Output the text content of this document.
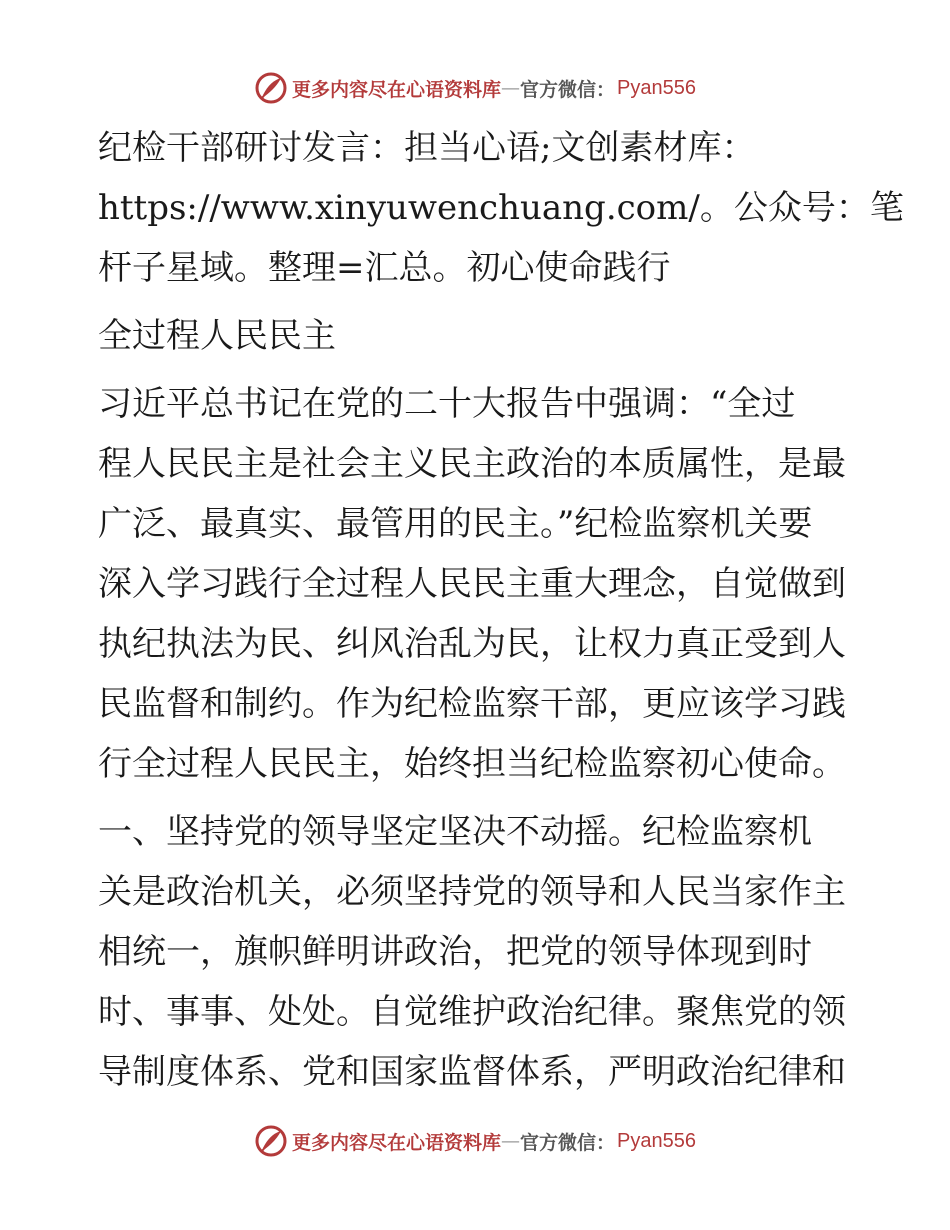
更多内容尽在心语资料库 — 官方微信： Pyan556

纪检干部研讨发言：担当心语;文创素材库：
https://www.xinyuwenchuang.com/。公众号：笔
杆子星域。整理=汇总。初心使命践行

全过程人民民主

习近平总书记在党的二十大报告中强调：“全过
程人民民主是社会主义民主政治的本质属性，是最
广泛、最真实、最管用的民主。”纪检监察机关要
深入学习践行全过程人民民主重大理念，自觉做到
执纪执法为民、纠风治乱为民，让权力真正受到人
民监督和制约。作为纪检监察干部，更应该学习践
行全过程人民民主，始终担当纪检监察初心使命。

一、坚持党的领导坚定坚决不动摇。纪检监察机
关是政治机关，必须坚持党的领导和人民当家作主
相统一，旗帜鲜明讲政治，把党的领导体现到时
时、事事、处处。自觉维护政治纪律。聚焦党的领
导制度体系、党和国家监督体系，严明政治纪律和

更多内容尽在心语资料库 — 官方微信： Pyan556
